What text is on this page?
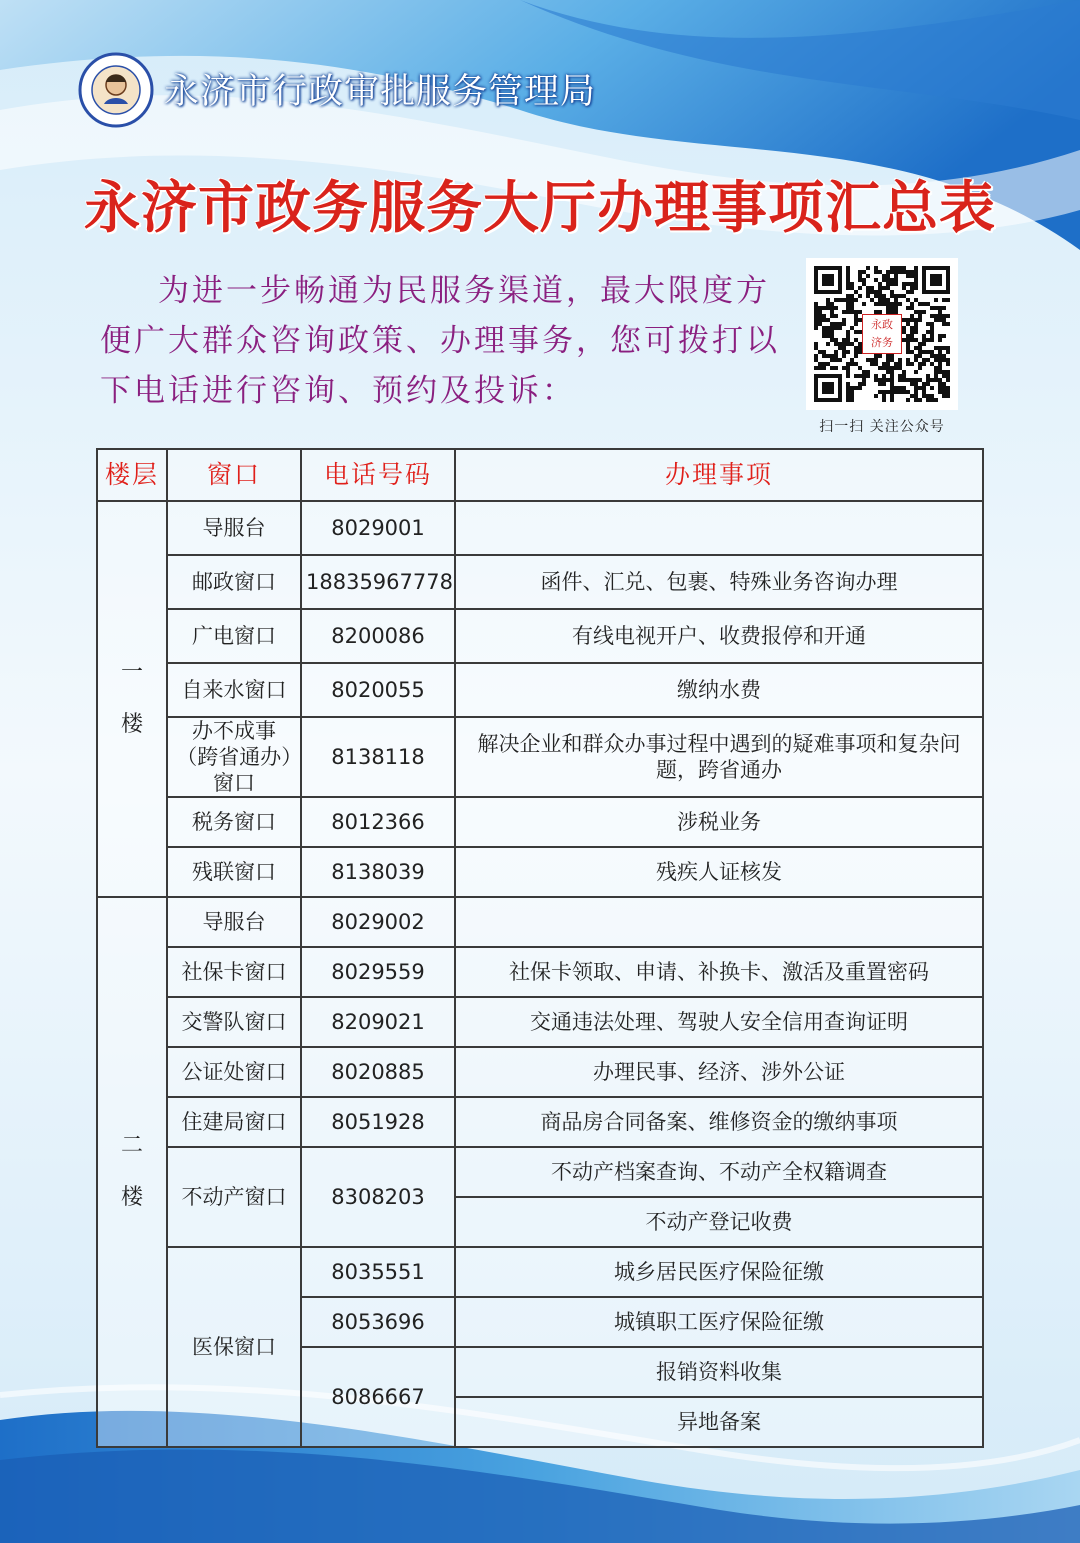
永济市行政审批服务管理局
永济市政务服务大厅办理事项汇总表
为进一步畅通为民服务渠道，最大限度方便广大群众咨询政策、办理事务，您可拨打以下电话进行咨询、预约及投诉：
永政
济务
扫一扫 关注公众号
楼层	窗口	电话号码	办理事项

一
楼	导服台	8029001	
	邮政窗口	18835967778	函件、汇兑、包裹、特殊业务咨询办理
	广电窗口	8200086	有线电视开户、收费报停和开通
	自来水窗口	8020055	缴纳水费
	办不成事（跨省通办）窗口	8138118	解决企业和群众办事过程中遇到的疑难事项和复杂问题，跨省通办
	税务窗口	8012366	涉税业务
	残联窗口	8138039	残疾人证核发

二
楼	导服台	8029002	
	社保卡窗口	8029559	社保卡领取、申请、补换卡、激活及重置密码
	交警队窗口	8209021	交通违法处理、驾驶人安全信用查询证明
	公证处窗口	8020885	办理民事、经济、涉外公证
	住建局窗口	8051928	商品房合同备案、维修资金的缴纳事项
	不动产窗口	8308203	不动产档案查询、不动产全权籍调查
			不动产登记收费
	医保窗口	8035551	城乡居民医疗保险征缴
		8053696	城镇职工医疗保险征缴
		8086667	报销资料收集
			异地备案
